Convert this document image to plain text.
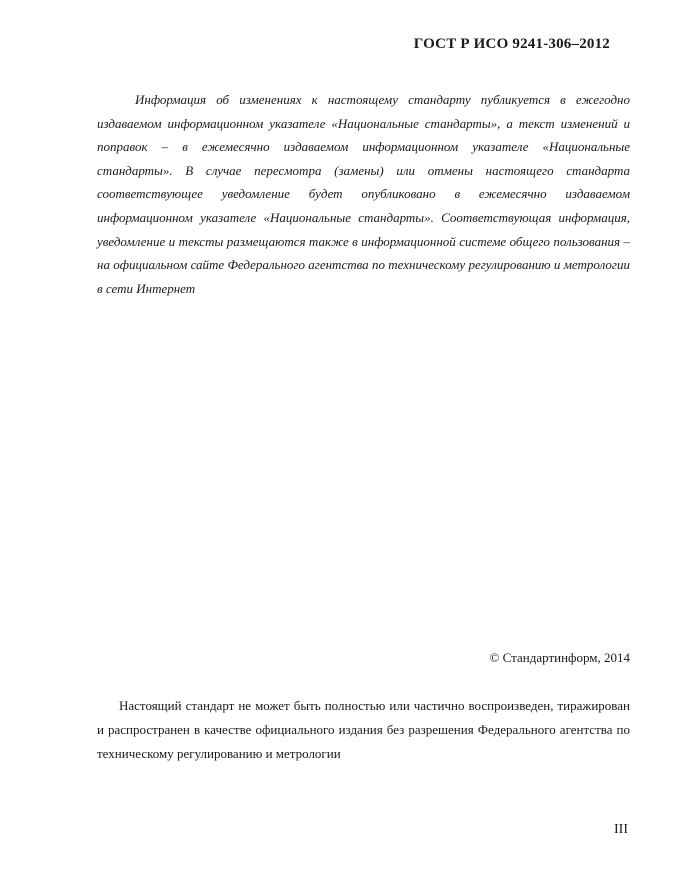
ГОСТ Р ИСО 9241-306–2012

Информация об изменениях к настоящему стандарту публикуется в ежегодно издаваемом информационном указателе «Национальные стандарты», а текст изменений и поправок – в ежемесячно издаваемом информационном указателе «Национальные стандарты». В случае пересмотра (замены) или отмены настоящего стандарта соответствующее уведомление будет опубликовано в ежемесячно издаваемом информационном указателе «Национальные стандарты». Соответствующая информация, уведомление и тексты размещаются также в информационной системе общего пользования – на официальном сайте Федерального агентства по техническому регулированию и метрологии в сети Интернет

© Стандартинформ, 2014

Настоящий стандарт не может быть полностью или частично воспроизведен, тиражирован и распространен в качестве официального издания без разрешения Федерального агентства по техническому регулированию и метрологии

III
